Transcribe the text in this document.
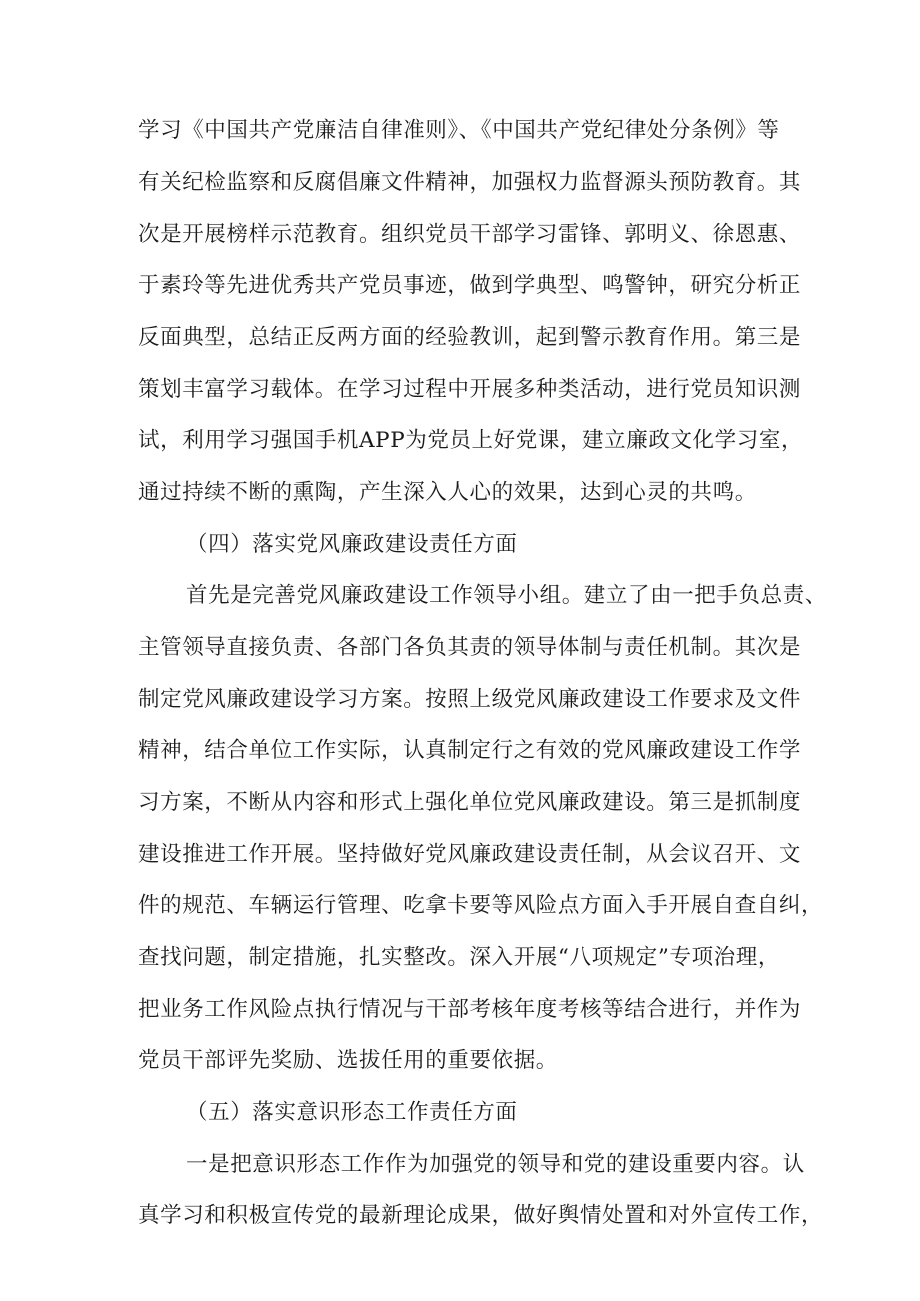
学习《中国共产党廉洁自律准则》、《中国共产党纪律处分条例》等
有关纪检监察和反腐倡廉文件精神，加强权力监督源头预防教育。其
次是开展榜样示范教育。组织党员干部学习雷锋、郭明义、徐恩惠、
于素玲等先进优秀共产党员事迹，做到学典型、鸣警钟，研究分析正
反面典型，总结正反两方面的经验教训，起到警示教育作用。第三是
策划丰富学习载体。在学习过程中开展多种类活动，进行党员知识测
试，利用学习强国手机APP为党员上好党课，建立廉政文化学习室，
通过持续不断的熏陶，产生深入人心的效果，达到心灵的共鸣。
（四）落实党风廉政建设责任方面
首先是完善党风廉政建设工作领导小组。建立了由一把手负总责、
主管领导直接负责、各部门各负其责的领导体制与责任机制。其次是
制定党风廉政建设学习方案。按照上级党风廉政建设工作要求及文件
精神，结合单位工作实际，认真制定行之有效的党风廉政建设工作学
习方案，不断从内容和形式上强化单位党风廉政建设。第三是抓制度
建设推进工作开展。坚持做好党风廉政建设责任制，从会议召开、文
件的规范、车辆运行管理、吃拿卡要等风险点方面入手开展自查自纠，
查找问题，制定措施，扎实整改。深入开展“八项规定”专项治理，
把业务工作风险点执行情况与干部考核年度考核等结合进行，并作为
党员干部评先奖励、选拔任用的重要依据。
（五）落实意识形态工作责任方面
一是把意识形态工作作为加强党的领导和党的建设重要内容。认
真学习和积极宣传党的最新理论成果，做好舆情处置和对外宣传工作，
